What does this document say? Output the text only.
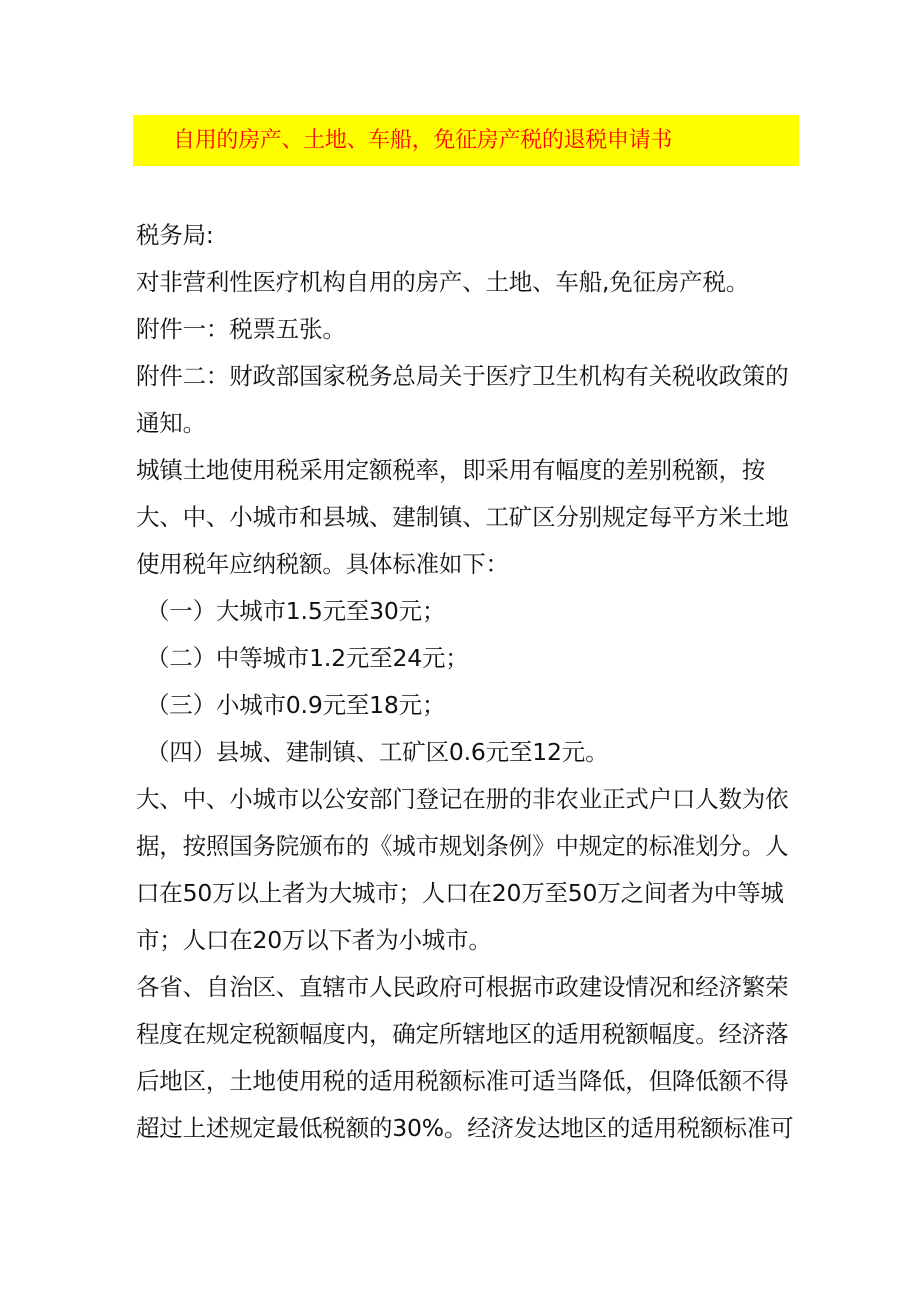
自用的房产、土地、车船，免征房产税的退税申请书
税务局:
对非营利性医疗机构自用的房产、土地、车船,免征房产税。
附件一：税票五张。
附件二：财政部国家税务总局关于医疗卫生机构有关税收政策的
通知。
城镇土地使用税采用定额税率，即采用有幅度的差别税额，按
大、中、小城市和县城、建制镇、工矿区分别规定每平方米土地
使用税年应纳税额。具体标准如下：
（一）大城市1.5元至30元；
（二）中等城市1.2元至24元；
（三）小城市0.9元至18元；
（四）县城、建制镇、工矿区0.6元至12元。
大、中、小城市以公安部门登记在册的非农业正式户口人数为依
据，按照国务院颁布的《城市规划条例》中规定的标准划分。人
口在50万以上者为大城市；人口在20万至50万之间者为中等城
市；人口在20万以下者为小城市。
各省、自治区、直辖市人民政府可根据市政建设情况和经济繁荣
程度在规定税额幅度内，确定所辖地区的适用税额幅度。经济落
后地区，土地使用税的适用税额标准可适当降低，但降低额不得
超过上述规定最低税额的30%。经济发达地区的适用税额标准可
